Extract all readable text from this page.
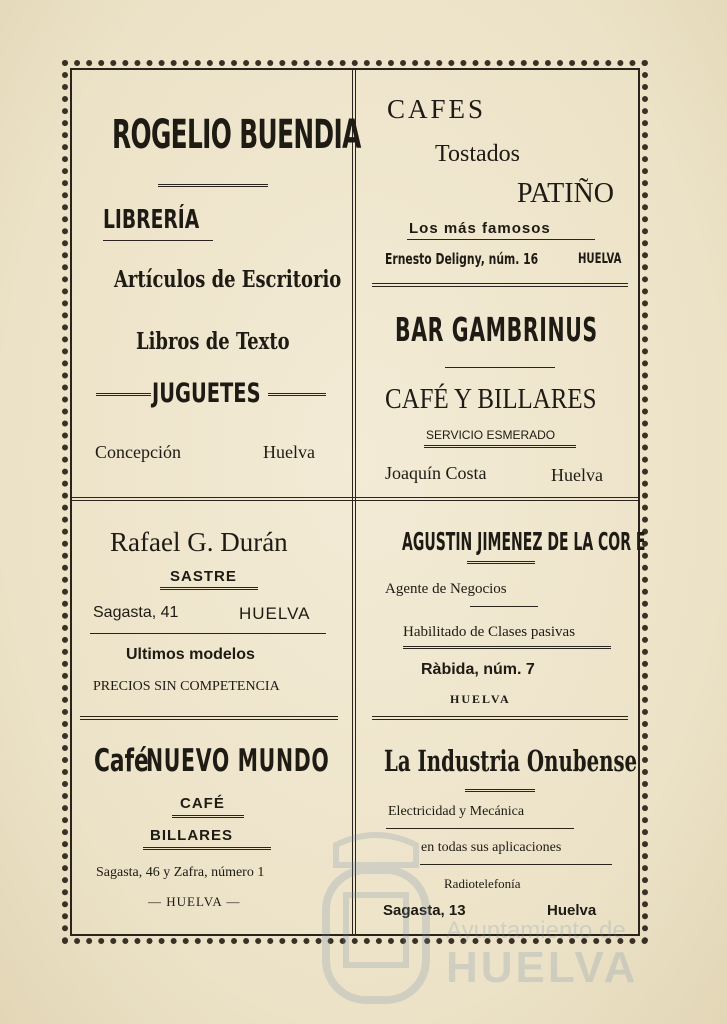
ROGELIO BUENDIA
LIBRERÍA
Artículos de Escritorio
Libros de Texto
JUGUETES
Concepción	Huelva
CAFES
Tostados
PATIÑO
Los más famosos
Ernesto Deligny, núm. 16	HUELVA
BAR GAMBRINUS
CAFÉ Y BILLARES
SERVICIO ESMERADO
Joaquín Costa	Huelva
Rafael G. Durán
SASTRE
Sagasta, 41	HUELVA
Ultimos modelos
PRECIOS SIN COMPETENCIA
AGUSTIN JIMENEZ DE LA COR E
Agente de Negocios
Habilitado de Clases pasivas
Ràbida, núm. 7
HUELVA
Café
NUEVO MUNDO
CAFÉ
BILLARES
Sagasta, 46 y Zafra, número 1
— HUELVA —
La Industria Onubense
Electricidad y Mecánica
en todas sus aplicaciones
Radiotelefonía
Sagasta, 13	Huelva
Ayuntamiento de
HUELVA
